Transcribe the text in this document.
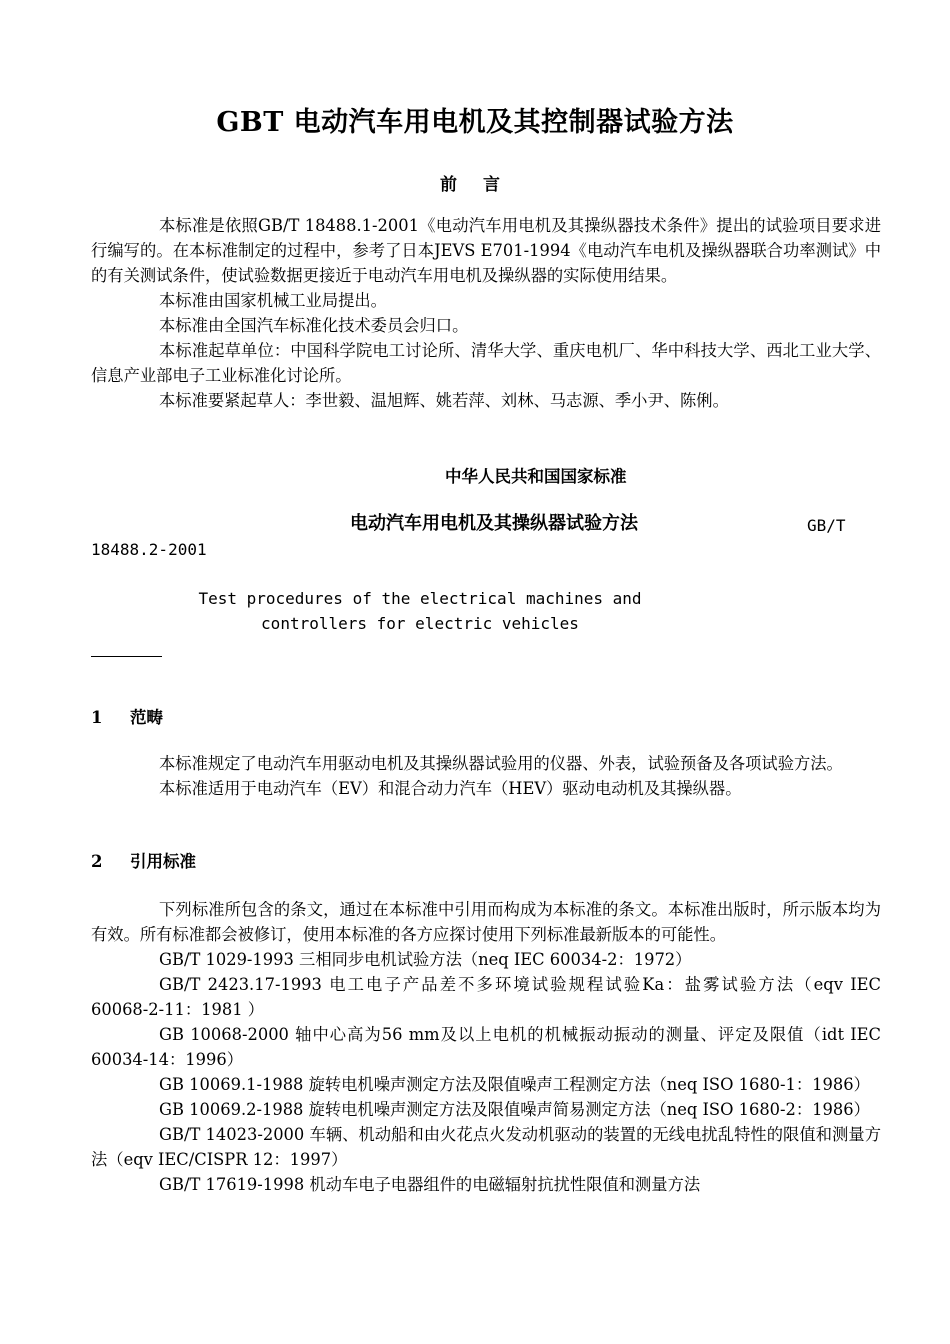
GBT 电动汽车用电机及其控制器试验方法
前 言

本标准是依照GB/T 18488.1-2001《电动汽车用电机及其操纵器技术条件》提出的试验项目要求进行编写的。在本标准制定的过程中，参考了日本JEVS E701-1994《电动汽车电机及操纵器联合功率测试》中的有关测试条件，使试验数据更接近于电动汽车用电机及操纵器的实际使用结果。

本标准由国家机械工业局提出。

本标准由全国汽车标准化技术委员会归口。

本标准起草单位：中国科学院电工讨论所、清华大学、重庆电机厂、华中科技大学、西北工业大学、信息产业部电子工业标准化讨论所。

本标准要紧起草人：李世毅、温旭辉、姚若萍、刘林、马志源、季小尹、陈俐。

中华人民共和国国家标准
电动汽车用电机及其操纵器试验方法	GB/T
18488.2-2001
Test procedures of the electrical machines and
controllers for electric vehicles
1 范畴

本标准规定了电动汽车用驱动电机及其操纵器试验用的仪器、外表，试验预备及各项试验方法。

本标准适用于电动汽车（EV）和混合动力汽车（HEV）驱动电动机及其操纵器。

2 引用标准

下列标准所包含的条文，通过在本标准中引用而构成为本标准的条文。本标准出版时，所示版本均为有效。所有标准都会被修订，使用本标准的各方应探讨使用下列标准最新版本的可能性。

GB/T 1029-1993 三相同步电机试验方法（neq IEC 60034-2：1972）

GB/T 2423.17-1993 电工电子产品差不多环境试验规程试验Ka：盐雾试验方法（eqv IEC 60068-2-11：1981 ）

GB 10068-2000 轴中心高为56 mm及以上电机的机械振动振动的测量、评定及限值（idt IEC 60034-14：1996）

GB 10069.1-1988 旋转电机噪声测定方法及限值噪声工程测定方法（neq ISO 1680-1：1986）

GB 10069.2-1988 旋转电机噪声测定方法及限值噪声简易测定方法（neq ISO 1680-2：1986）

GB/T 14023-2000 车辆、机动船和由火花点火发动机驱动的装置的无线电扰乱特性的限值和测量方法（eqv IEC/CISPR 12：1997）

GB/T 17619-1998 机动车电子电器组件的电磁辐射抗扰性限值和测量方法
